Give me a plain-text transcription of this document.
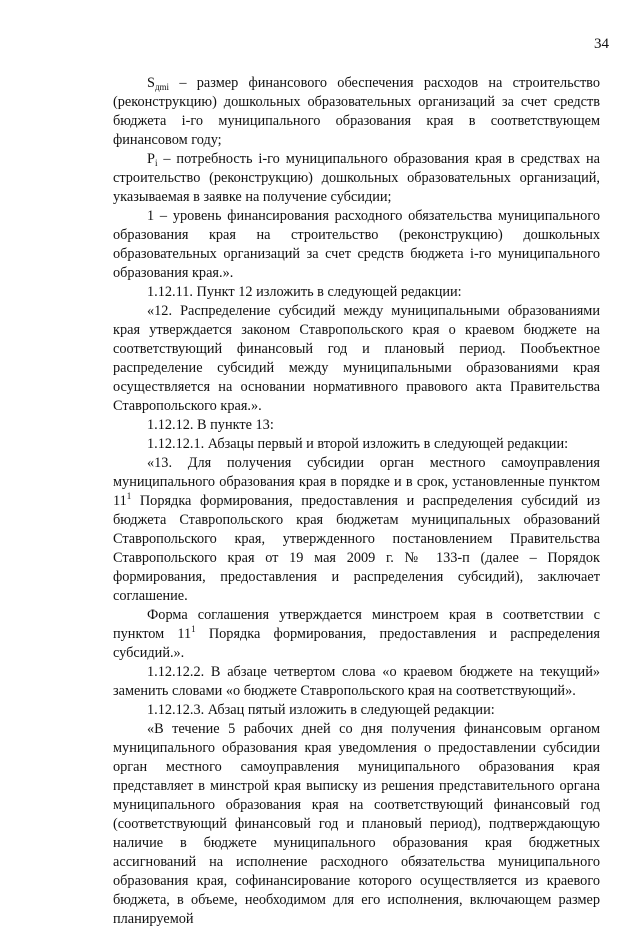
34

$S_{дmi}$ – размер финансового обеспечения расходов на строительство (реконструкцию) дошкольных образовательных организаций за счет средств бюджета i-го муниципального образования края в соответствующем финансовом году;

$P_i$ – потребность i-го муниципального образования края в средствах на строительство (реконструкцию) дошкольных образовательных организаций, указываемая в заявке на получение субсидии;

1 – уровень финансирования расходного обязательства муниципального образования края на строительство (реконструкцию) дошкольных образовательных организаций за счет средств бюджета i-го муниципального образования края.».

1.12.11. Пункт 12 изложить в следующей редакции:

«12. Распределение субсидий между муниципальными образованиями края утверждается законом Ставропольского края о краевом бюджете на соответствующий финансовый год и плановый период. Пообъектное распределение субсидий между муниципальными образованиями края осуществляется на основании нормативного правового акта Правительства Ставропольского края.».

1.12.12. В пункте 13:

1.12.12.1. Абзацы первый и второй изложить в следующей редакции:

«13. Для получения субсидии орган местного самоуправления муниципального образования края в порядке и в срок, установленные пунктом $11^1$ Порядка формирования, предоставления и распределения субсидий из бюджета Ставропольского края бюджетам муниципальных образований Ставропольского края, утвержденного постановлением Правительства Ставропольского края от 19 мая 2009 г. № 133-п (далее – Порядок формирования, предоставления и распределения субсидий), заключает соглашение.

Форма соглашения утверждается минстроем края в соответствии с пунктом $11^1$ Порядка формирования, предоставления и распределения субсидий.».

1.12.12.2. В абзаце четвертом слова «о краевом бюджете на текущий» заменить словами «о бюджете Ставропольского края на соответствующий».

1.12.12.3. Абзац пятый изложить в следующей редакции:

«В течение 5 рабочих дней со дня получения финансовым органом муниципального образования края уведомления о предоставлении субсидии орган местного самоуправления муниципального образования края представляет в минстрой края выписку из решения представительного органа муниципального образования края на соответствующий финансовый год (соответствующий финансовый год и плановый период), подтверждающую наличие в бюджете муниципального образования края бюджетных ассигнований на исполнение расходного обязательства муниципального образования края, софинансирование которого осуществляется из краевого бюджета, в объеме, необходимом для его исполнения, включающем размер планируемой
